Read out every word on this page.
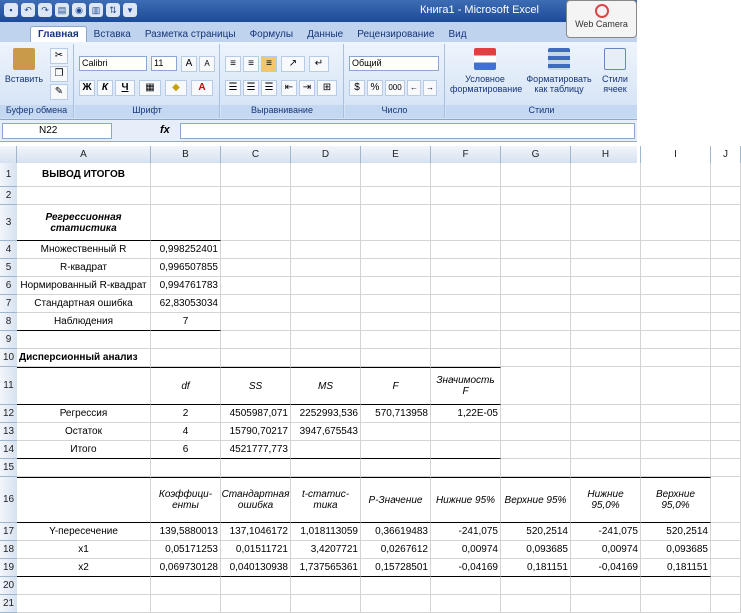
▪	↶	↷ ▤ ◉ ▥ ⇅	▾	Книга1 - Microsoft Excel
Web Camera
Главная	Вставка	Разметка страницы	Формулы	Данные	Рецензирование	Вид
Вставить
✂
❐
✎
Буфер обмена
Calibri	11	A	A
Ж	К	Ч	▦	◆	A
Шрифт
≡	≡	≡	↗	↵
☰ ☰ ☰	⇤ ⇥	⊞
Выравнивание
Общий
$	%	000	←	→
Число
Условное форматирование
Форматировать как таблицу
Стили ячеек
Стили
N22	fx
A	B	C	D	E	F	G	H	I	J
1	ВЫВОД ИТОГОВ
2
3	Регрессионная статистика
4	Множественный R	0,998252401
5	R-квадрат	0,996507855
6 Нормированный R-квадрат	0,994761783
7	Стандартная ошибка	62,83053034
8	Наблюдения	7
9
10 Дисперсионный анализ
11	df	SS	MS	F	Значимость F
12	Регрессия	2	4505987,071	2252993,536	570,713958	1,22E-05
13	Остаток	4	15790,70217	3947,675543
14	Итого	6	4521777,773
15
16	Коэффици-енты
Стандартная ошибка
t-статис-тика	P-Значение	Нижние 95% Верхние 95%	Нижние 95,0%
Верхние 95,0%
17	Y-пересечение	139,5880013	137,1046172	1,018113059	0,36619483	-241,075	520,2514	-241,075	520,2514
18	x1	0,05171253	0,01511721	3,4207721	0,0267612	0,00974	0,093685	0,00974	0,093685
19	x2	0,069730128	0,040130938	1,737565361	0,15728501	-0,04169	0,181151	-0,04169	0,181151
20
21
